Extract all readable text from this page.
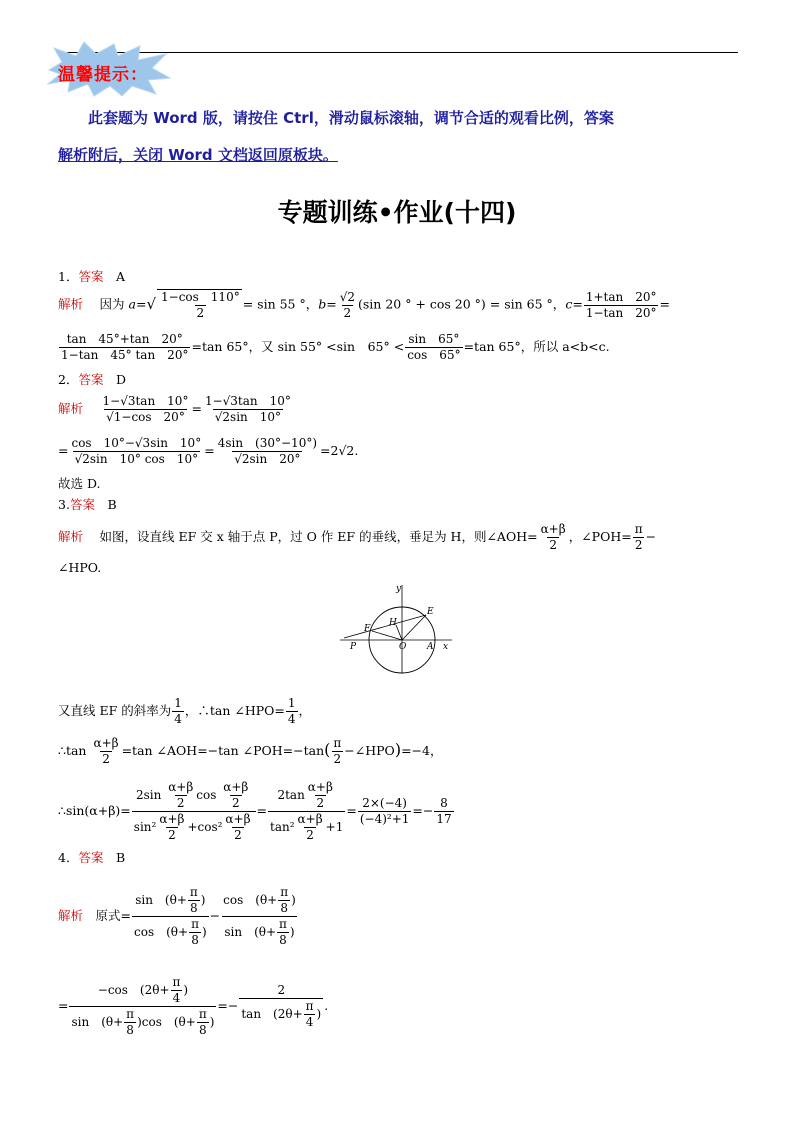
温馨提示：
此套题为 Word 版，请按住 Ctrl，滑动鼠标滚轴，调节合适的观看比例，答案
解析附后，关闭 Word 文档返回原板块。
专题训练•作业(十四)
1．答案　 A
解析　 因为 $a=√ \frac{1-\cos 110^\circ}{2} = \sin 55$ °，$b= \frac{√2}{2} (\sin$ 20 ° + cos 20 °) = sin 65 °，$c= \frac{1+\tan 20^\circ}{1-\tan 20^\circ}$ =
$\frac{\tan 45^\circ+\tan 20^\circ}{1-\tan 45^\circ \tan 20^\circ} =\tan$ 65°，又 sin 55° <sin　$65^\circ < \frac{\sin 65^\circ}{\cos 65^\circ} =\tan$ 65°，所以 a<b<c.
2．答案　 D
解析　 $\frac{1-√3\tan 10^\circ}{√1-\cos 20^\circ} = \frac{1-√3\tan 10^\circ}{√2\sin 10^\circ}$
= $\frac{\cos 10^\circ-√3\sin 10^\circ}{√2\sin 10^\circ \cos 10^\circ} = \frac{4\sin (30^\circ-10^\circ)}{√2\sin 20^\circ} =2√2$.
故选 D.
3.答案　 B
解析　 如图，设直线 EF 交 x 轴于点 P，过 O 作 EF 的垂线，垂足为 H，则∠AOH= $\frac{\alpha+\beta}{2}$ ，∠POH= $\frac{\pi}{2}$ −
∠HPO.
y
E
F
H
P	O A x
又直线 EF 的斜率为 $\frac{1}{4}$ ，∴tan ∠HPO= $\frac{1}{4}$ ，
∴tan $\frac{\alpha+\beta}{2} =\tan$ ∠AOH=−tan ∠POH=−tan( $\frac{\pi}{2}$ −∠HPO)=−4，
∴sin(α+β)= $\frac{2\sin \frac{\alpha+\beta}{2} \cos \frac{\alpha+\beta}{2}}{\sin^2 \frac{\alpha+\beta}{2} +\cos^2 \frac{\alpha+\beta}{2}} = \frac{2\tan \frac{\alpha+\beta}{2}}{\tan^2 \frac{\alpha+\beta}{2} +1} = \frac{2\times(-4)}{\text{(−4)²+1}} =- \frac{8}{17}$
4．答案　 B
解析　 原式= $\frac{\sin (\theta+ \frac{\pi}{8} )}{\cos (\theta+ \frac{\pi}{8} )} - \frac{\cos (\theta+ \frac{\pi}{8} )}{\sin (\theta+ \frac{\pi}{8} )}$
= $\frac{-\cos (2\theta+ \frac{\pi}{4} )}{\sin (\theta+ \frac{\pi}{8} )\cos (\theta+ \frac{\pi}{8} )} =- \frac{2}{\tan (2\theta+ \frac{\pi}{4} )}$ .
